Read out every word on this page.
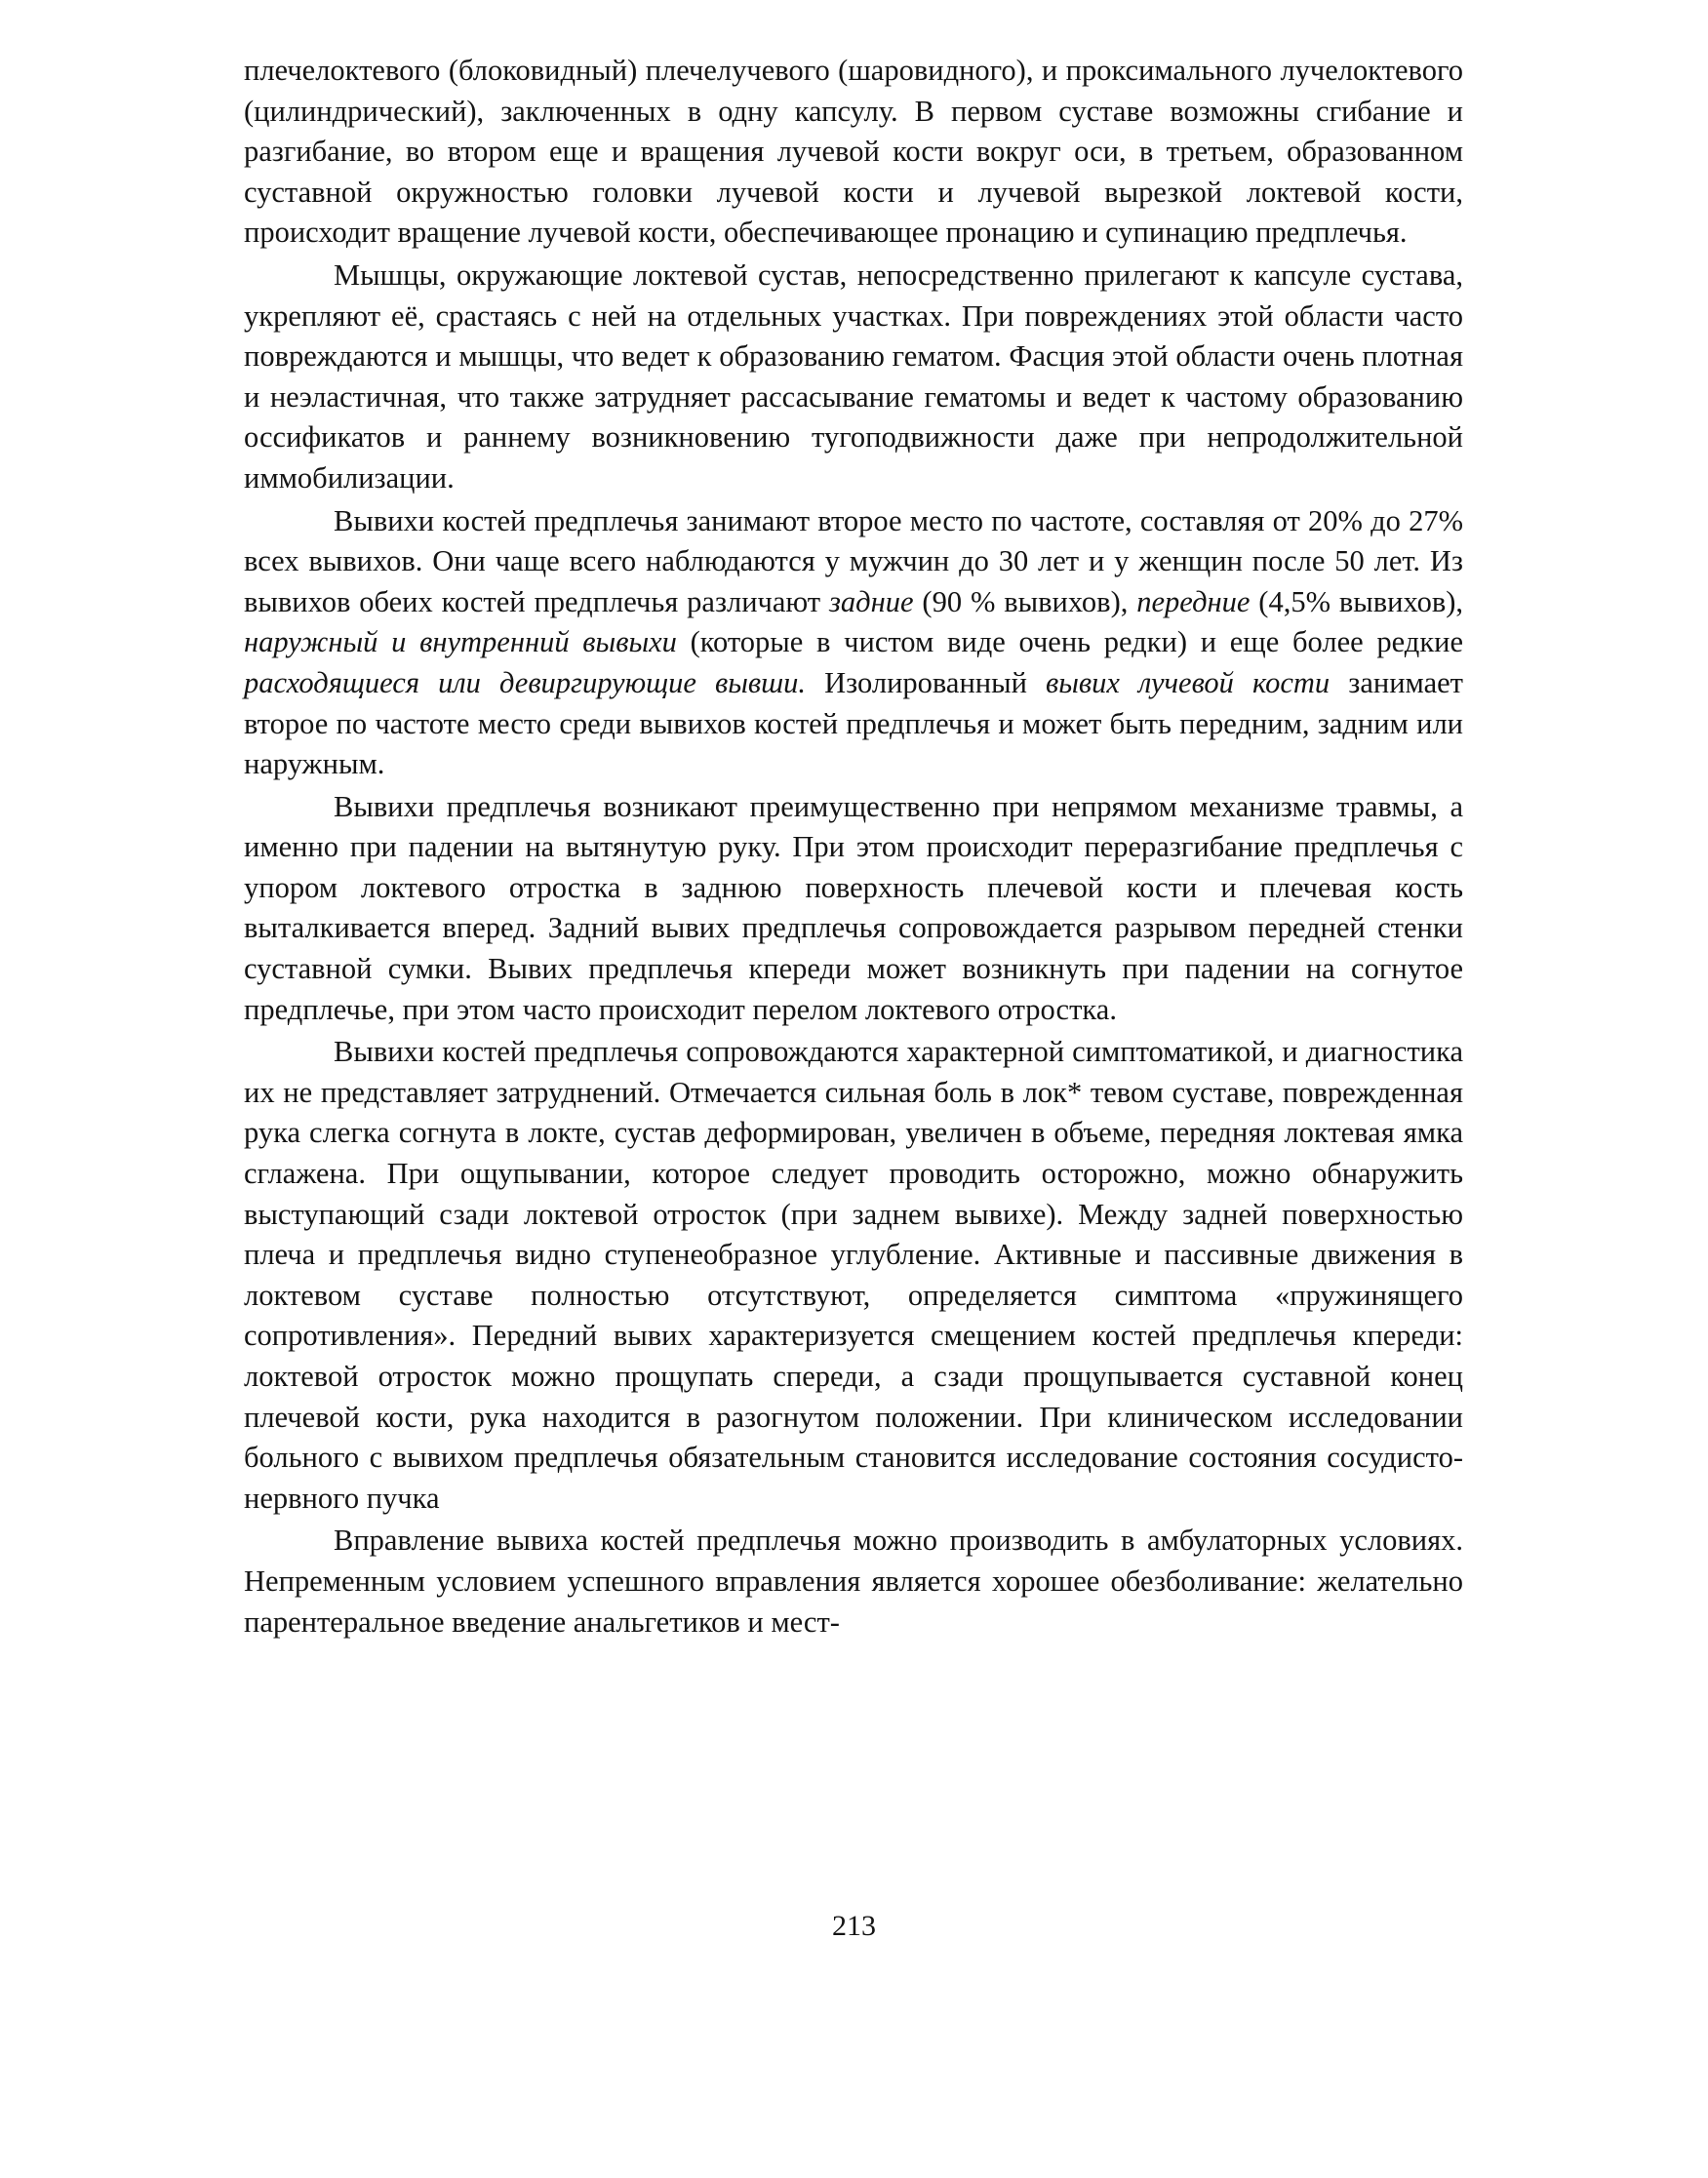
плечелоктевого (блоковидный) плечелучевого (шаровидного), и проксимального лучелоктевого (цилиндрический), заключенных в одну капсулу. В первом суставе возможны сгибание и разгибание, во втором еще и вращения лучевой кости вокруг оси, в третьем, образованном суставной окружностью головки лучевой кости и лучевой вырезкой локтевой кости, происходит вращение лучевой кости, обеспечивающее пронацию и супинацию предплечья.

Мышцы, окружающие локтевой сустав, непосредственно прилегают к капсуле сустава, укрепляют её, срастаясь с ней на отдельных участках. При повреждениях этой области часто повреждаются и мышцы, что ведет к образованию гематом. Фасция этой области очень плотная и неэластичная, что также затрудняет рассасывание гематомы и ведет к частому образованию оссификатов и раннему возникновению тугоподвижности даже при непродолжительной иммобилизации.

Вывихи костей предплечья занимают второе место по частоте, составляя от 20% до 27% всех вывихов. Они чаще всего наблюдаются у мужчин до 30 лет и у женщин после 50 лет. Из вывихов обеих костей предплечья различают задние (90 % вывихов), передние (4,5% вывихов), наружный и внутренний вывыхи (которые в чистом виде очень редки) и еще более редкие расходящиеся или девиргирующие вывши. Изолированный вывих лучевой кости занимает второе по частоте место среди вывихов костей предплечья и может быть передним, задним или наружным.

Вывихи предплечья возникают преимущественно при непрямом механизме травмы, а именно при падении на вытянутую руку. При этом происходит переразгибание предплечья с упором локтевого отростка в заднюю поверхность плечевой кости и плечевая кость выталкивается вперед. Задний вывих предплечья сопровождается разрывом передней стенки суставной сумки. Вывих предплечья кпереди может возникнуть при падении на согнутое предплечье, при этом часто происходит перелом локтевого отростка.

Вывихи костей предплечья сопровождаются характерной симптоматикой, и диагностика их не представляет затруднений. Отмечается сильная боль в лок* тевом суставе, поврежденная рука слегка согнута в локте, сустав деформирован, увеличен в объеме, передняя локтевая ямка сглажена. При ощупывании, которое следует проводить осторожно, можно обнаружить выступающий сзади локтевой отросток (при заднем вывихе). Между задней поверхностью плеча и предплечья видно ступенеобразное углубление. Активные и пассивные движения в локтевом суставе полностью отсутствуют, определяется симптома «пружинящего сопротивления». Передний вывих характеризуется смещением костей предплечья кпереди: локтевой отросток можно прощупать спереди, а сзади прощупывается суставной конец плечевой кости, рука находится в разогнутом положении. При клиническом исследовании больного с вывихом предплечья обязательным становится исследование состояния сосудисто-нервного пучка

Вправление вывиха костей предплечья можно производить в амбулаторных условиях. Непременным условием успешного вправления является хорошее обезболивание: желательно парентеральное введение анальгетиков и мест-

213
